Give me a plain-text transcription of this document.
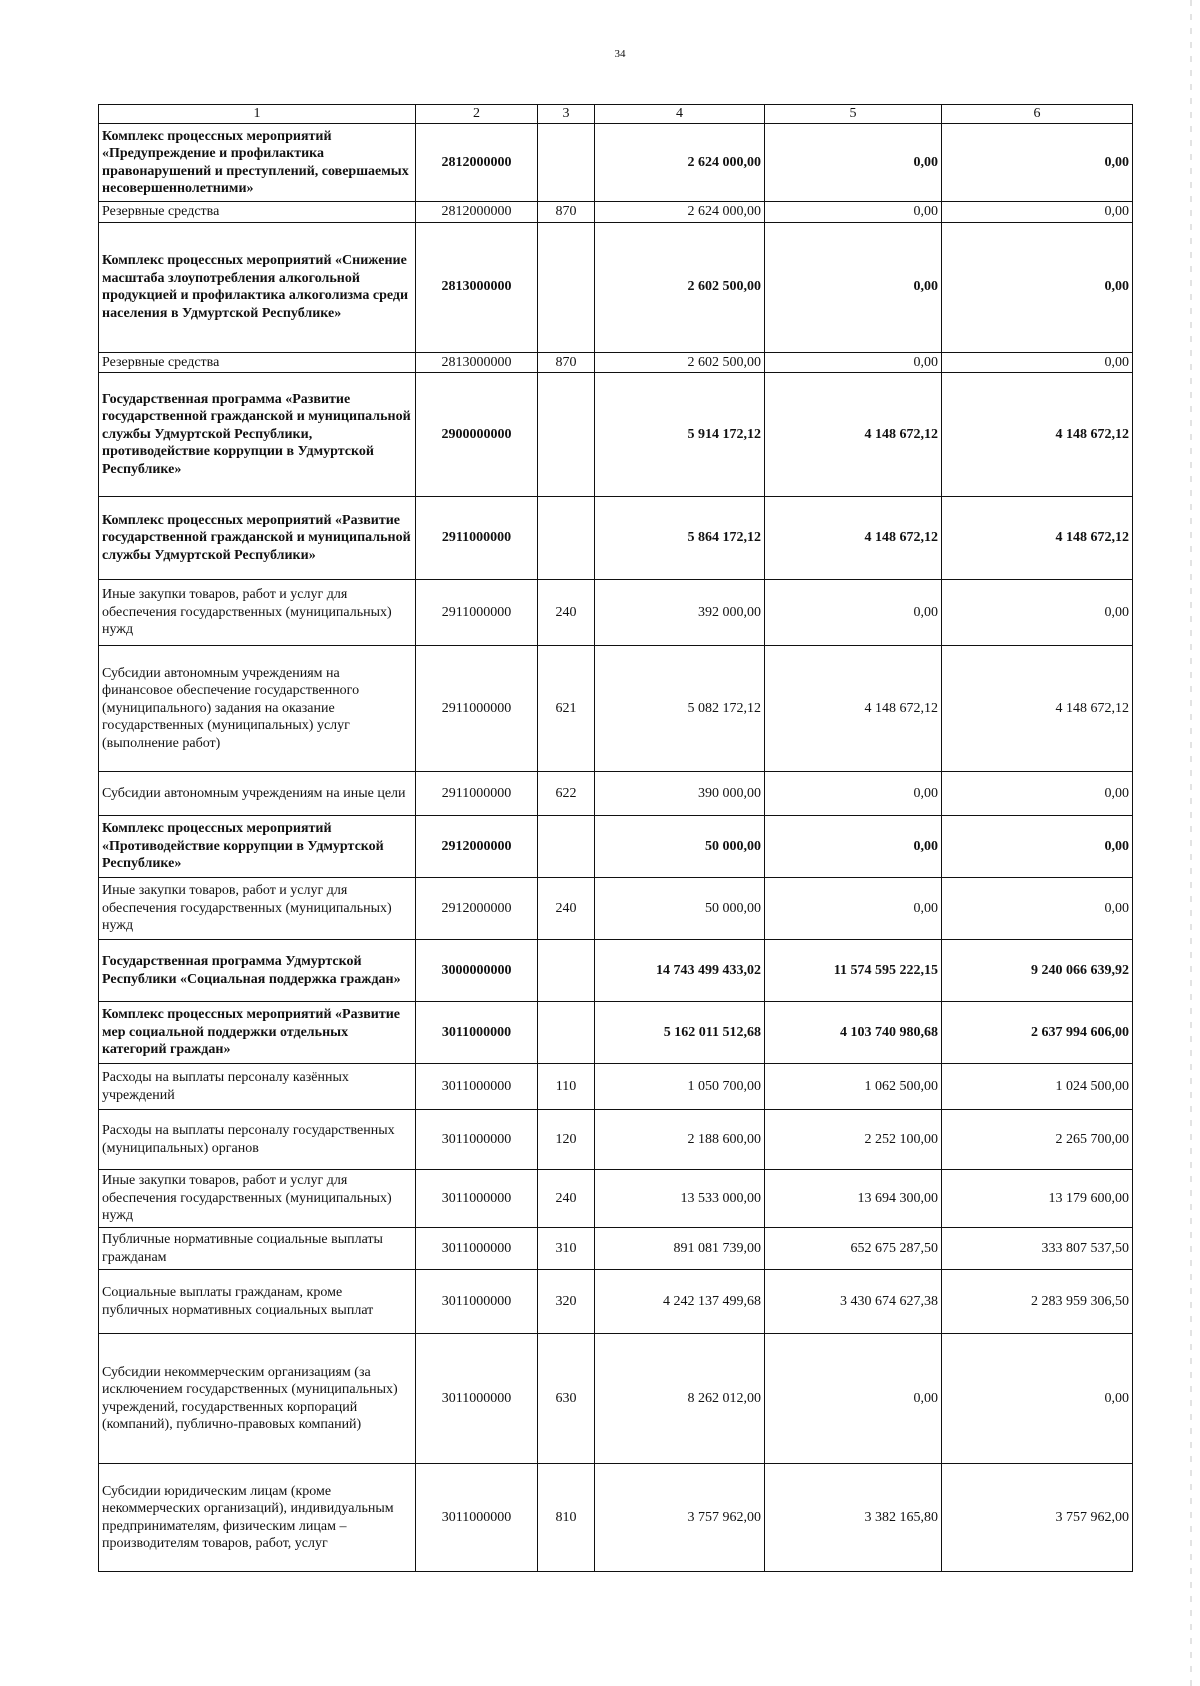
34
1	2	3	4	5	6
Комплекс процессных мероприятий «Предупреждение и профилактика правонарушений и преступлений, совершаемых несовершеннолетними»	2812000000		2 624 000,00	0,00	0,00
Резервные средства	2812000000	870	2 624 000,00	0,00	0,00
Комплекс процессных мероприятий «Снижение масштаба злоупотребления алкогольной продукцией и профилактика алкоголизма среди населения в Удмуртской Республике»	2813000000		2 602 500,00	0,00	0,00
Резервные средства	2813000000	870	2 602 500,00	0,00	0,00
Государственная программа «Развитие государственной гражданской и муниципальной службы Удмуртской Республики, противодействие коррупции в Удмуртской Республике»	2900000000		5 914 172,12	4 148 672,12	4 148 672,12
Комплекс процессных мероприятий «Развитие государственной гражданской и муниципальной службы Удмуртской Республики»	2911000000		5 864 172,12	4 148 672,12	4 148 672,12
Иные закупки товаров, работ и услуг для обеспечения государственных (муниципальных) нужд	2911000000	240	392 000,00	0,00	0,00
Субсидии автономным учреждениям на финансовое обеспечение государственного (муниципального) задания на оказание государственных (муниципальных) услуг (выполнение работ)	2911000000	621	5 082 172,12	4 148 672,12	4 148 672,12
Субсидии автономным учреждениям на иные цели	2911000000	622	390 000,00	0,00	0,00
Комплекс процессных мероприятий «Противодействие коррупции в Удмуртской Республике»	2912000000		50 000,00	0,00	0,00
Иные закупки товаров, работ и услуг для обеспечения государственных (муниципальных) нужд	2912000000	240	50 000,00	0,00	0,00
Государственная программа Удмуртской Республики «Социальная поддержка граждан»	3000000000		14 743 499 433,02	11 574 595 222,15	9 240 066 639,92
Комплекс процессных мероприятий «Развитие мер социальной поддержки отдельных категорий граждан»	3011000000		5 162 011 512,68	4 103 740 980,68	2 637 994 606,00
Расходы на выплаты персоналу казённых учреждений	3011000000	110	1 050 700,00	1 062 500,00	1 024 500,00
Расходы на выплаты персоналу государственных (муниципальных) органов	3011000000	120	2 188 600,00	2 252 100,00	2 265 700,00
Иные закупки товаров, работ и услуг для обеспечения государственных (муниципальных) нужд	3011000000	240	13 533 000,00	13 694 300,00	13 179 600,00
Публичные нормативные социальные выплаты гражданам	3011000000	310	891 081 739,00	652 675 287,50	333 807 537,50
Социальные выплаты гражданам, кроме публичных нормативных социальных выплат	3011000000	320	4 242 137 499,68	3 430 674 627,38	2 283 959 306,50
Субсидии некоммерческим организациям (за исключением государственных (муниципальных) учреждений, государственных корпораций (компаний), публично-правовых компаний)	3011000000	630	8 262 012,00	0,00	0,00
Субсидии юридическим лицам (кроме некоммерческих организаций), индивидуальным предпринимателям, физическим лицам – производителям товаров, работ, услуг	3011000000	810	3 757 962,00	3 382 165,80	3 757 962,00
